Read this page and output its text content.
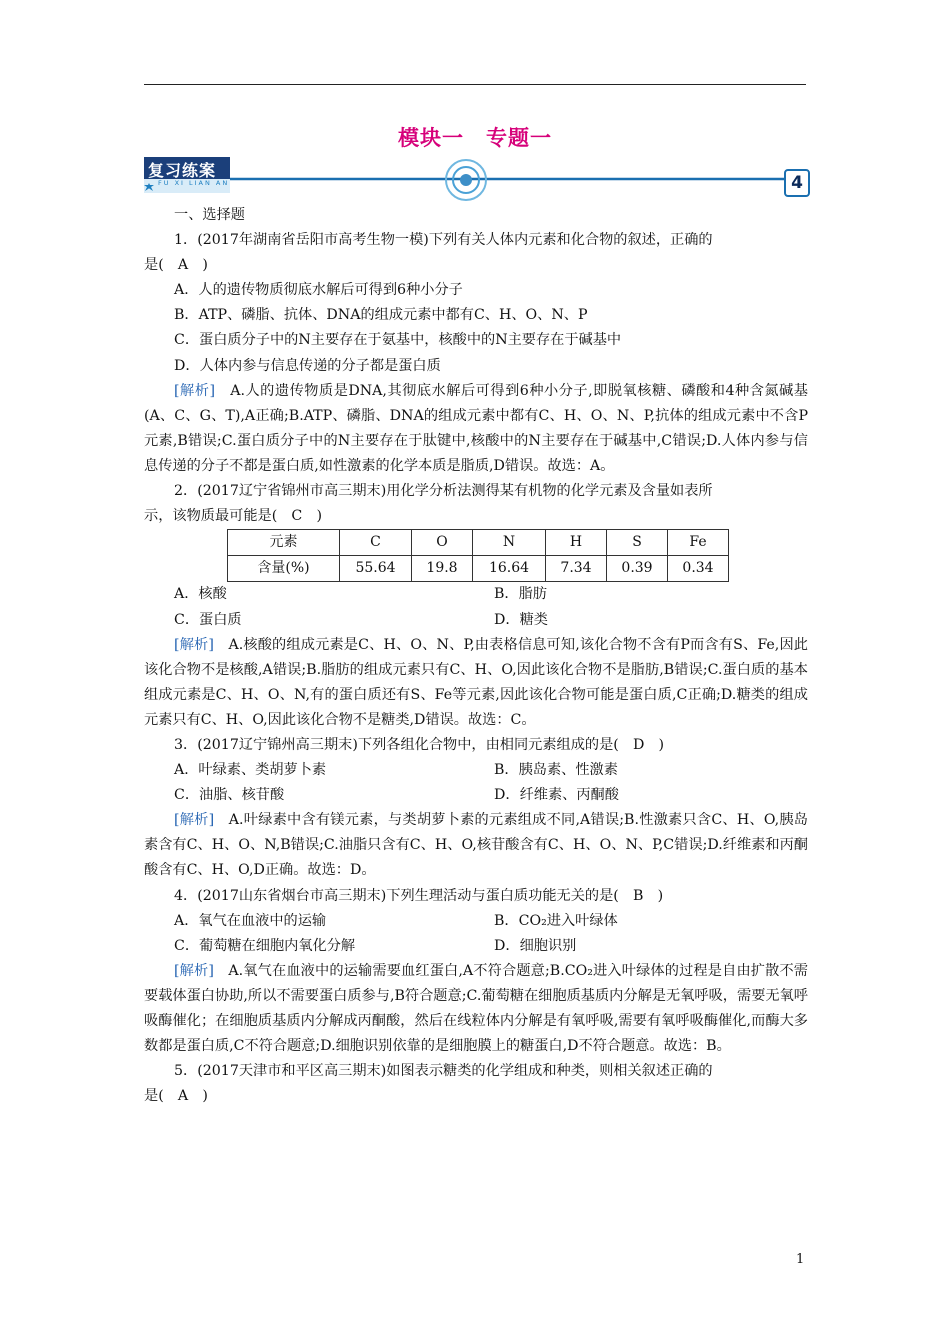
模块一　专题一
复习练案
FU XI LIAN AN	4

一、选择题

1．(2017年湖南省岳阳市高考生物一模)下列有关人体内元素和化合物的叙述，正确的

是(　A　)

A．人的遗传物质彻底水解后可得到6种小分子

B．ATP、磷脂、抗体、DNA的组成元素中都有C、H、O、N、P

C．蛋白质分子中的N主要存在于氨基中，核酸中的N主要存在于碱基中

D．人体内参与信息传递的分子都是蛋白质

[解析]　A.人的遗传物质是DNA,其彻底水解后可得到6种小分子,即脱氧核糖、磷酸和4种含氮碱基(A、C、G、T),A正确;B.ATP、磷脂、DNA的组成元素中都有C、H、O、N、P,抗体的组成元素中不含P元素,B错误;C.蛋白质分子中的N主要存在于肽键中,核酸中的N主要存在于碱基中,C错误;D.人体内参与信息传递的分子不都是蛋白质,如性激素的化学本质是脂质,D错误。故选：A。

2．(2017辽宁省锦州市高三期末)用化学分析法测得某有机物的化学元素及含量如表所

示，该物质最可能是(　C　)

元素	C	O	N	H	S	Fe
含量(%)	55.64	19.8	16.64	7.34	0.39	0.34
A．核酸	B．脂肪
C．蛋白质	D．糖类

[解析]　A.核酸的组成元素是C、H、O、N、P,由表格信息可知,该化合物不含有P而含有S、Fe,因此该化合物不是核酸,A错误;B.脂肪的组成元素只有C、H、O,因此该化合物不是脂肪,B错误;C.蛋白质的基本组成元素是C、H、O、N,有的蛋白质还有S、Fe等元素,因此该化合物可能是蛋白质,C正确;D.糖类的组成元素只有C、H、O,因此该化合物不是糖类,D错误。故选：C。

3．(2017辽宁锦州高三期末)下列各组化合物中，由相同元素组成的是(　D　)

A．叶绿素、类胡萝卜素	B．胰岛素、性激素
C．油脂、核苷酸	D．纤维素、丙酮酸

[解析]　A.叶绿素中含有镁元素，与类胡萝卜素的元素组成不同,A错误;B.性激素只含C、H、O,胰岛素含有C、H、O、N,B错误;C.油脂只含有C、H、O,核苷酸含有C、H、O、N、P,C错误;D.纤维素和丙酮酸含有C、H、O,D正确。故选：D。

4．(2017山东省烟台市高三期末)下列生理活动与蛋白质功能无关的是(　B　)

A．氧气在血液中的运输	B．CO₂进入叶绿体
C．葡萄糖在细胞内氧化分解	D．细胞识别

[解析]　A.氧气在血液中的运输需要血红蛋白,A不符合题意;B.CO₂进入叶绿体的过程是自由扩散不需要载体蛋白协助,所以不需要蛋白质参与,B符合题意;C.葡萄糖在细胞质基质内分解是无氧呼吸，需要无氧呼吸酶催化；在细胞质基质内分解成丙酮酸，然后在线粒体内分解是有氧呼吸,需要有氧呼吸酶催化,而酶大多数都是蛋白质,C不符合题意;D.细胞识别依靠的是细胞膜上的糖蛋白,D不符合题意。故选：B。

5．(2017天津市和平区高三期末)如图表示糖类的化学组成和种类，则相关叙述正确的

是(　A　)

1
